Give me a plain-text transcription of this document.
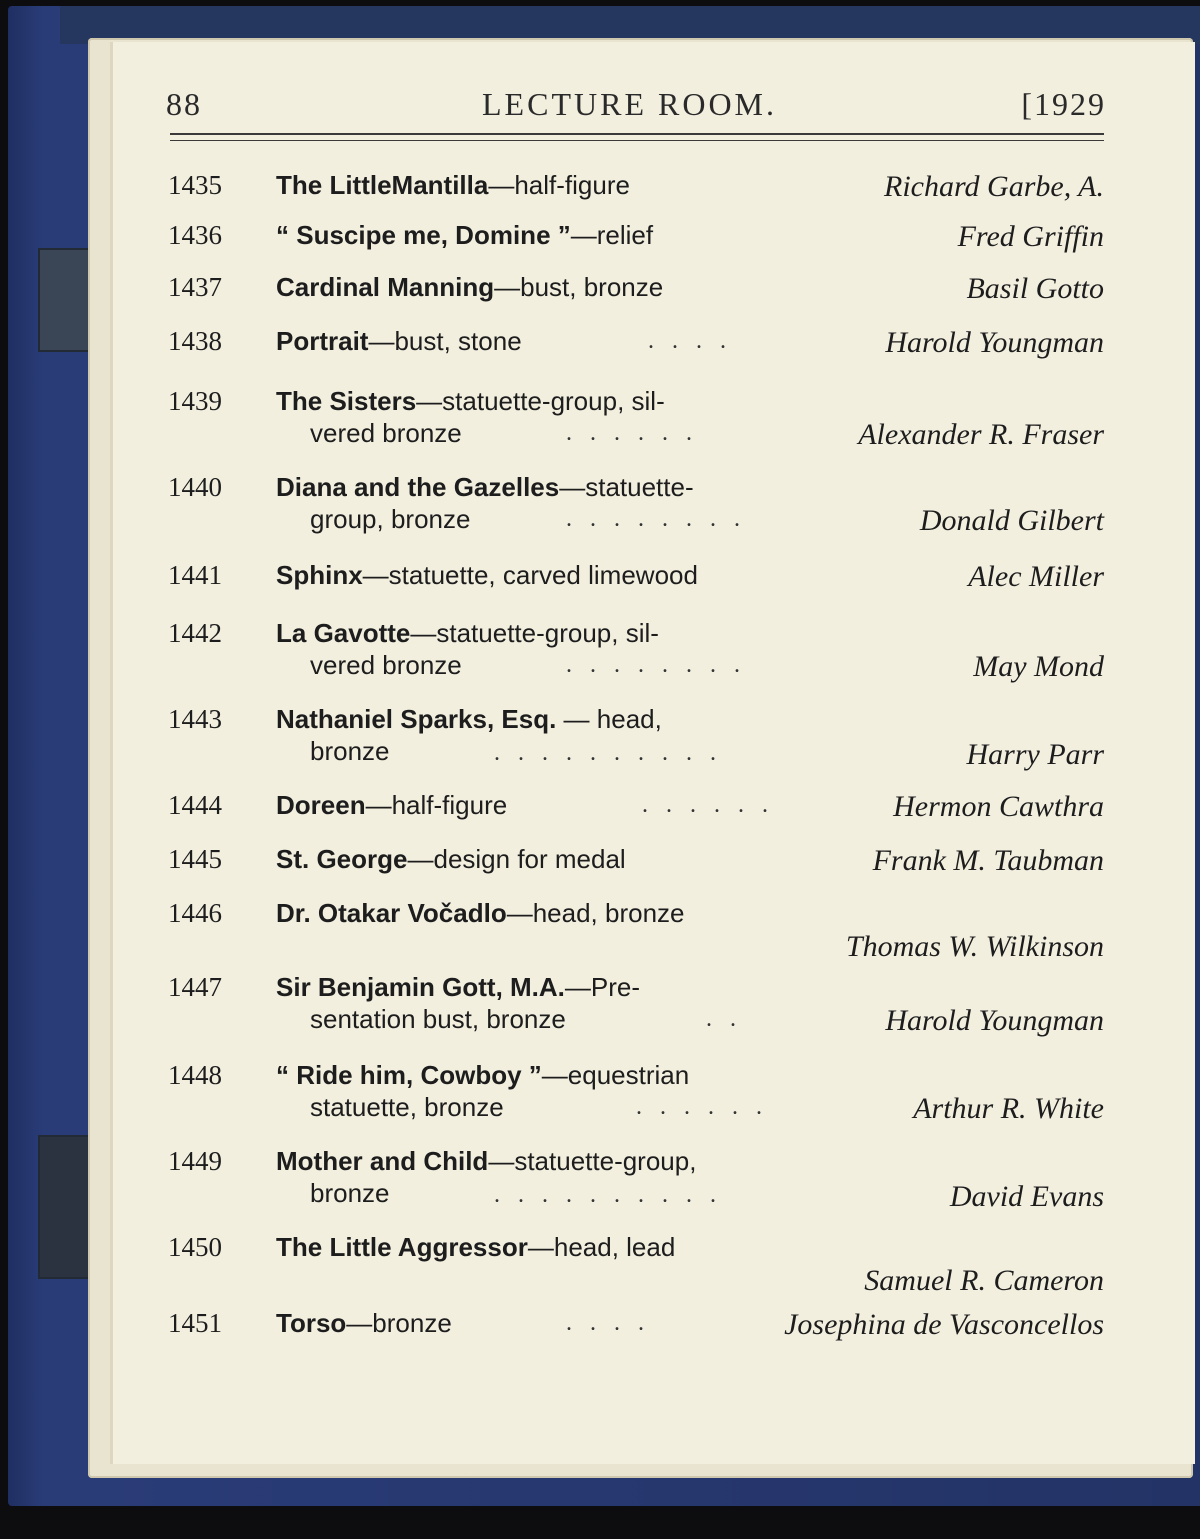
88	LECTURE ROOM.	[1929
1435 The LittleMantilla—half-figure	Richard Garbe, A.
1436 “ Suscipe me, Domine ”—relief	Fred Griffin
1437 Cardinal Manning—bust, bronze	Basil Gotto
1438 Portrait—bust, stone	. . . .	Harold Youngman
1439 The Sisters—statuette-group, sil-
vered bronze	. . . . . .	Alexander R. Fraser
1440 Diana and the Gazelles—statuette-
group, bronze	. . . . . . . .	Donald Gilbert
1441 Sphinx—statuette, carved limewood	Alec Miller
1442 La Gavotte—statuette-group, sil-
vered bronze	. . . . . . . .	May Mond
1443 Nathaniel Sparks, Esq. — head,
bronze	. . . . . . . . . .	Harry Parr
1444 Doreen—half-figure	. . . . . .	Hermon Cawthra
1445 St. George—design for medal	Frank M. Taubman
1446 Dr. Otakar Vočadlo—head, bronze
Thomas W. Wilkinson
1447 Sir Benjamin Gott, M.A.—Pre-
sentation bust, bronze	. .	Harold Youngman
1448 “ Ride him, Cowboy ”—equestrian
statuette, bronze	. . . . . .	Arthur R. White
1449 Mother and Child—statuette-group,
bronze	. . . . . . . . . .	David Evans
1450 The Little Aggressor—head, lead
Samuel R. Cameron
1451 Torso—bronze	. . . .	Josephina de Vasconcellos
